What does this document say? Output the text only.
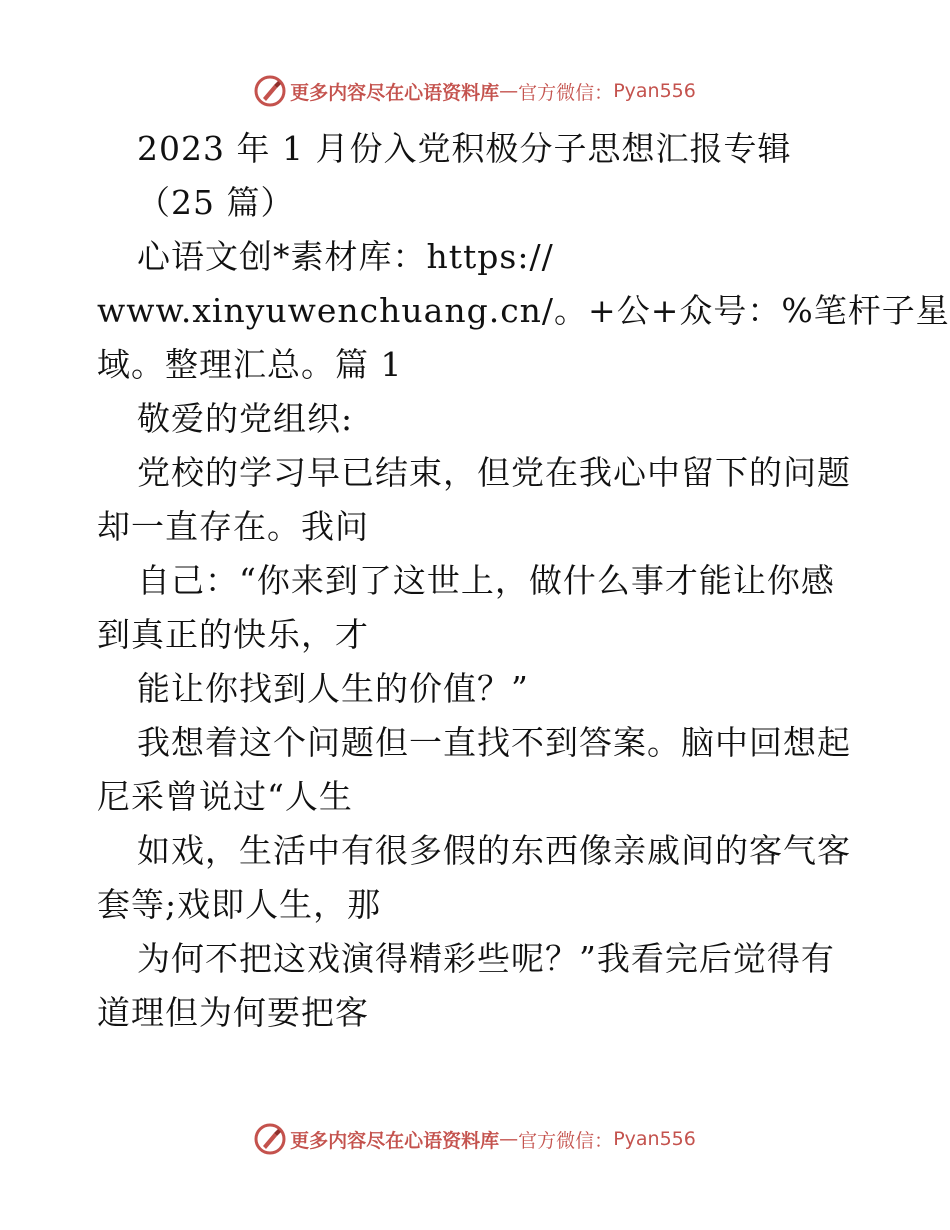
更多内容尽在心语资料库 — 官方微信： Pyan556
2023 年 1 月份入党积极分子思想汇报专辑
（25 篇）
心语文创*素材库：https://
www.xinyuwenchuang.cn/。+公+众号：%笔杆子星
域。整理汇总。篇 1
敬爱的党组织:
党校的学习早已结束，但党在我心中留下的问题
却一直存在。我问
自己：“你来到了这世上，做什么事才能让你感
到真正的快乐，才
能让你找到人生的价值？”
我想着这个问题但一直找不到答案。脑中回想起
尼采曾说过“人生
如戏，生活中有很多假的东西像亲戚间的客气客
套等;戏即人生，那
为何不把这戏演得精彩些呢？”我看完后觉得有
道理但为何要把客
更多内容尽在心语资料库 — 官方微信： Pyan556
